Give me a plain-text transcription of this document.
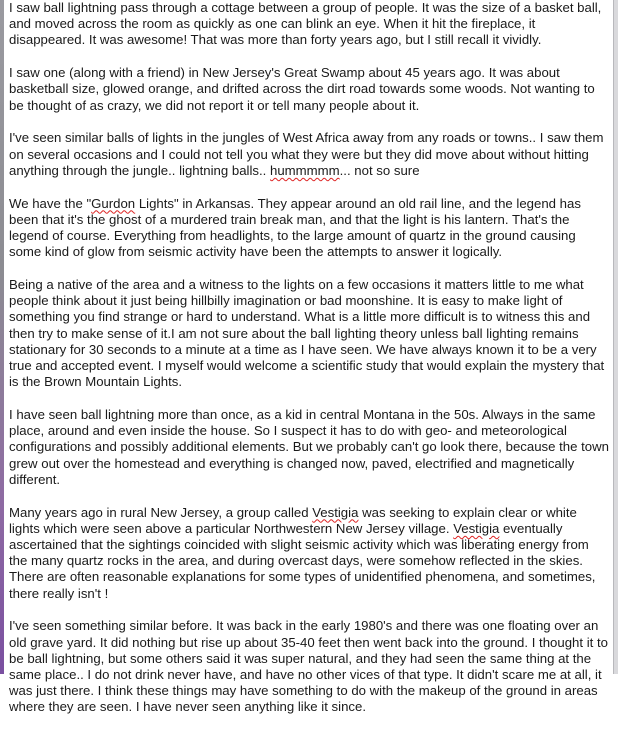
I saw ball lightning pass through a cottage between a group of people. It was the size of a basket ball, and moved across the room as quickly as one can blink an eye. When it hit the fireplace, it disappeared. It was awesome! That was more than forty years ago, but I still recall it vividly.

I saw one (along with a friend) in New Jersey's Great Swamp about 45 years ago. It was about basketball size, glowed orange, and drifted across the dirt road towards some woods. Not wanting to be thought of as crazy, we did not report it or tell many people about it.

I've seen similar balls of lights in the jungles of West Africa away from any roads or towns.. I saw them on several occasions and I could not tell you what they were but they did move about without hitting anything through the jungle.. lightning balls.. hummmmm... not so sure

We have the "Gurdon Lights" in Arkansas. They appear around an old rail line, and the legend has been that it's the ghost of a murdered train break man, and that the light is his lantern. That's the legend of course. Everything from headlights, to the large amount of quartz in the ground causing some kind of glow from seismic activity have been the attempts to answer it logically.

Being a native of the area and a witness to the lights on a few occasions it matters little to me what people think about it just being hillbilly imagination or bad moonshine. It is easy to make light of something you find strange or hard to understand. What is a little more difficult is to witness this and then try to make sense of it.I am not sure about the ball lighting theory unless ball lighting remains stationary for 30 seconds to a minute at a time as I have seen. We have always known it to be a very true and accepted event. I myself would welcome a scientific study that would explain the mystery that is the Brown Mountain Lights.

I have seen ball lightning more than once, as a kid in central Montana in the 50s. Always in the same place, around and even inside the house. So I suspect it has to do with geo- and meteorological configurations and possibly additional elements. But we probably can't go look there, because the town grew out over the homestead and everything is changed now, paved, electrified and magnetically different.

Many years ago in rural New Jersey, a group called Vestigia was seeking to explain clear or white lights which were seen above a particular Northwestern New Jersey village. Vestigia eventually ascertained that the sightings coincided with slight seismic activity which was liberating energy from the many quartz rocks in the area, and during overcast days, were somehow reflected in the skies. There are often reasonable explanations for some types of unidentified phenomena, and sometimes, there really isn't !

I've seen something similar before. It was back in the early 1980's and there was one floating over an old grave yard. It did nothing but rise up about 35-40 feet then went back into the ground. I thought it to be ball lightning, but some others said it was super natural, and they had seen the same thing at the same place.. I do not drink never have, and have no other vices of that type. It didn't scare me at all, it was just there. I think these things may have something to do with the makeup of the ground in areas where they are seen. I have never seen anything like it since.
